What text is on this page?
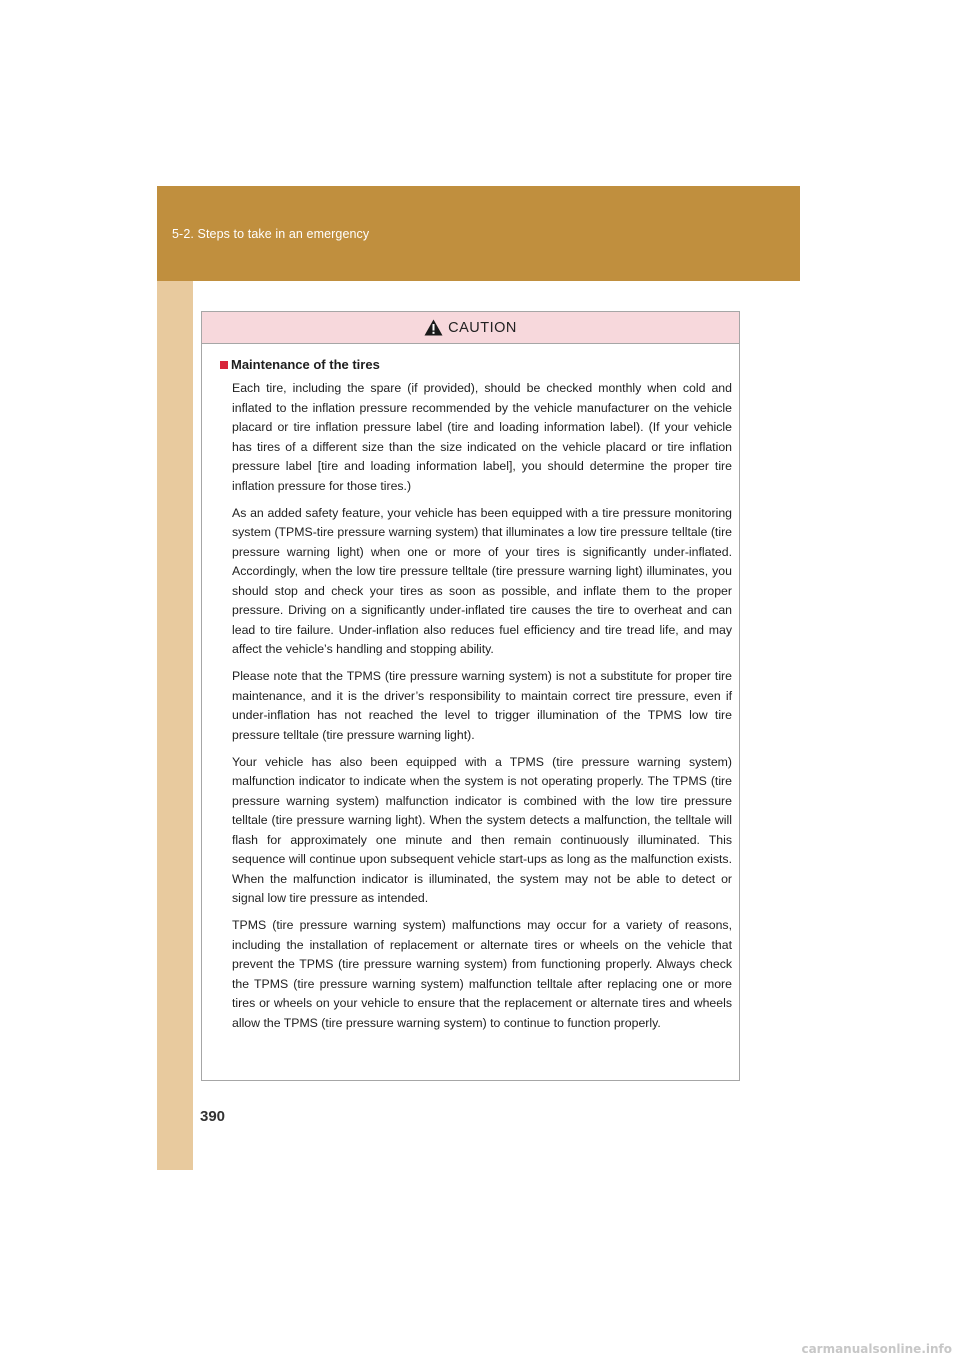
5-2. Steps to take in an emergency
CAUTION
Maintenance of the tires

Each tire, including the spare (if provided), should be checked monthly when cold and inflated to the inflation pressure recommended by the vehicle manufacturer on the vehicle placard or tire inflation pressure label (tire and loading information label). (If your vehicle has tires of a different size than the size indicated on the vehicle placard or tire inflation pressure label [tire and loading information label], you should determine the proper tire inflation pressure for those tires.)

As an added safety feature, your vehicle has been equipped with a tire pressure monitoring system (TPMS-tire pressure warning system) that illuminates a low tire pressure telltale (tire pressure warning light) when one or more of your tires is significantly under-inflated. Accordingly, when the low tire pressure telltale (tire pressure warning light) illuminates, you should stop and check your tires as soon as possible, and inflate them to the proper pressure. Driving on a significantly under-inflated tire causes the tire to overheat and can lead to tire failure. Under-inflation also reduces fuel efficiency and tire tread life, and may affect the vehicle’s handling and stopping ability.

Please note that the TPMS (tire pressure warning system) is not a substitute for proper tire maintenance, and it is the driver’s responsibility to maintain correct tire pressure, even if under-inflation has not reached the level to trigger illumination of the TPMS low tire pressure telltale (tire pressure warning light).

Your vehicle has also been equipped with a TPMS (tire pressure warning system) malfunction indicator to indicate when the system is not operating properly. The TPMS (tire pressure warning system) malfunction indicator is combined with the low tire pressure telltale (tire pressure warning light). When the system detects a malfunction, the telltale will flash for approximately one minute and then remain continuously illuminated. This sequence will continue upon subsequent vehicle start-ups as long as the malfunction exists. When the malfunction indicator is illuminated, the system may not be able to detect or signal low tire pressure as intended.

TPMS (tire pressure warning system) malfunctions may occur for a variety of reasons, including the installation of replacement or alternate tires or wheels on the vehicle that prevent the TPMS (tire pressure warning system) from functioning properly. Always check the TPMS (tire pressure warning system) malfunction telltale after replacing one or more tires or wheels on your vehicle to ensure that the replacement or alternate tires and wheels allow the TPMS (tire pressure warning system) to continue to function properly.

390
carmanualsonline.info
